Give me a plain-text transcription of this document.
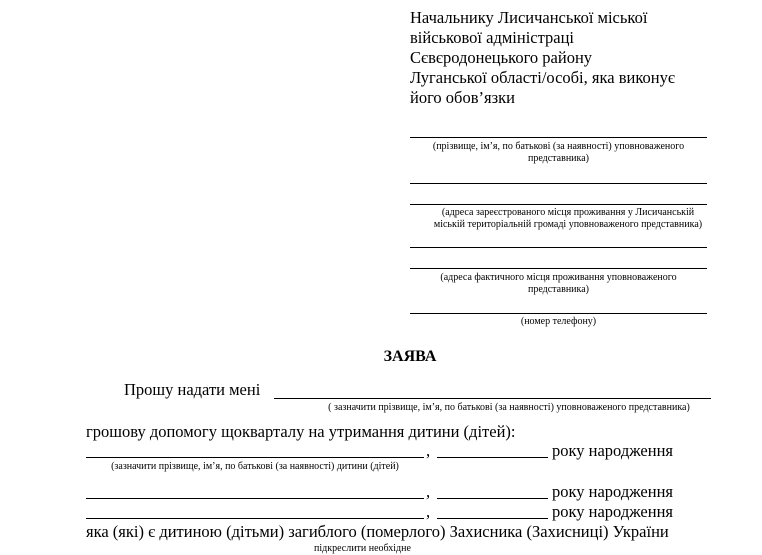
Начальнику Лисичанської міської
військової адміністраці
Сєвєродонецького району
Луганської області/особі, яка виконує
його обов’язки
(прізвище, ім’я, по батькові (за наявності) уповноваженого
представника)
(адреса зареєстрованого місця проживання у Лисичанській
міській територіальній громаді уповноваженого представника)
(адреса фактичного місця проживання уповноваженого
представника)
(номер телефону)
ЗАЯВА
Прошу надати мені
( зазначити прізвище, ім’я, по батькові (за наявності) уповноваженого представника)
грошову допомогу щокварталу на утримання дитини (дітей):
,	року народження
(зазначити прізвище, ім’я, по батькові (за наявності) дитини (дітей)
,	року народження
,	року народження
яка (які) є дитиною (дітьми) загиблого (померлого) Захисника (Захисниці) України
підкреслити необхідне
